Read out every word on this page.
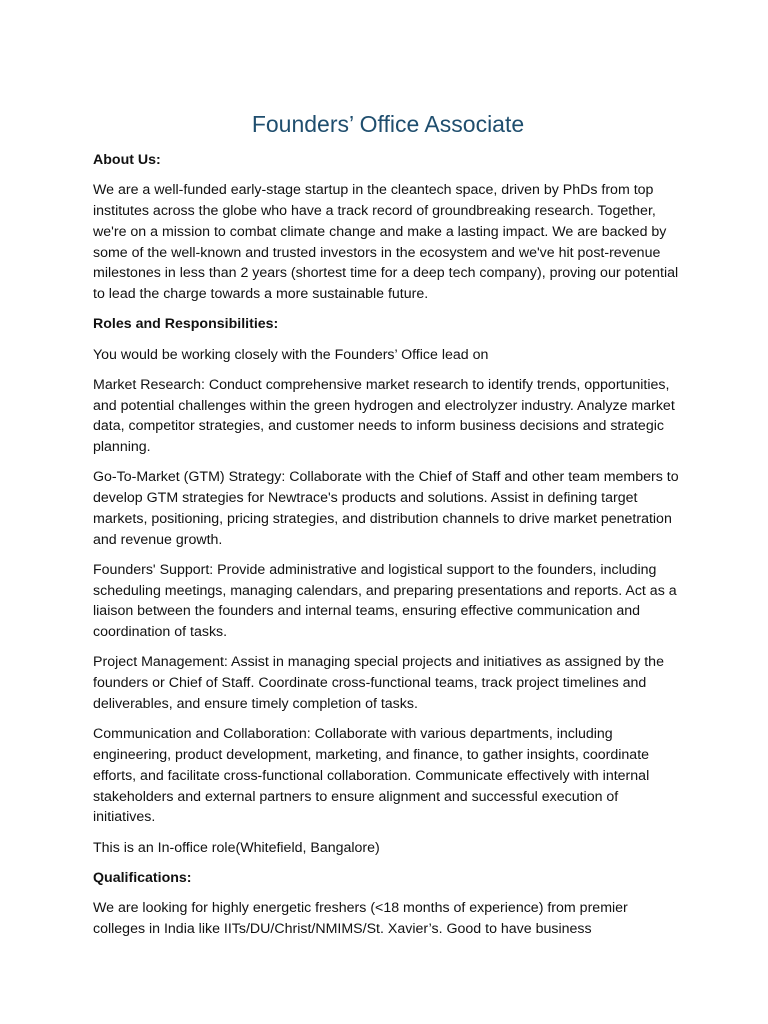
Founders’ Office Associate

About Us:

We are a well-funded early-stage startup in the cleantech space, driven by PhDs from top institutes across the globe who have a track record of groundbreaking research. Together, we're on a mission to combat climate change and make a lasting impact. We are backed by some of the well-known and trusted investors in the ecosystem and we've hit post-revenue milestones in less than 2 years (shortest time for a deep tech company), proving our potential to lead the charge towards a more sustainable future.

Roles and Responsibilities:

You would be working closely with the Founders’ Office lead on

Market Research: Conduct comprehensive market research to identify trends, opportunities, and potential challenges within the green hydrogen and electrolyzer industry. Analyze market data, competitor strategies, and customer needs to inform business decisions and strategic planning.

Go-To-Market (GTM) Strategy: Collaborate with the Chief of Staff and other team members to develop GTM strategies for Newtrace's products and solutions. Assist in defining target markets, positioning, pricing strategies, and distribution channels to drive market penetration and revenue growth.

Founders' Support: Provide administrative and logistical support to the founders, including scheduling meetings, managing calendars, and preparing presentations and reports. Act as a liaison between the founders and internal teams, ensuring effective communication and coordination of tasks.

Project Management: Assist in managing special projects and initiatives as assigned by the founders or Chief of Staff. Coordinate cross-functional teams, track project timelines and deliverables, and ensure timely completion of tasks.

Communication and Collaboration: Collaborate with various departments, including engineering, product development, marketing, and finance, to gather insights, coordinate efforts, and facilitate cross-functional collaboration. Communicate effectively with internal stakeholders and external partners to ensure alignment and successful execution of initiatives.

This is an In-office role(Whitefield, Bangalore)

Qualifications:

We are looking for highly energetic freshers (<18 months of experience) from premier colleges in India like IITs/DU/Christ/NMIMS/St. Xavier’s. Good to have business
